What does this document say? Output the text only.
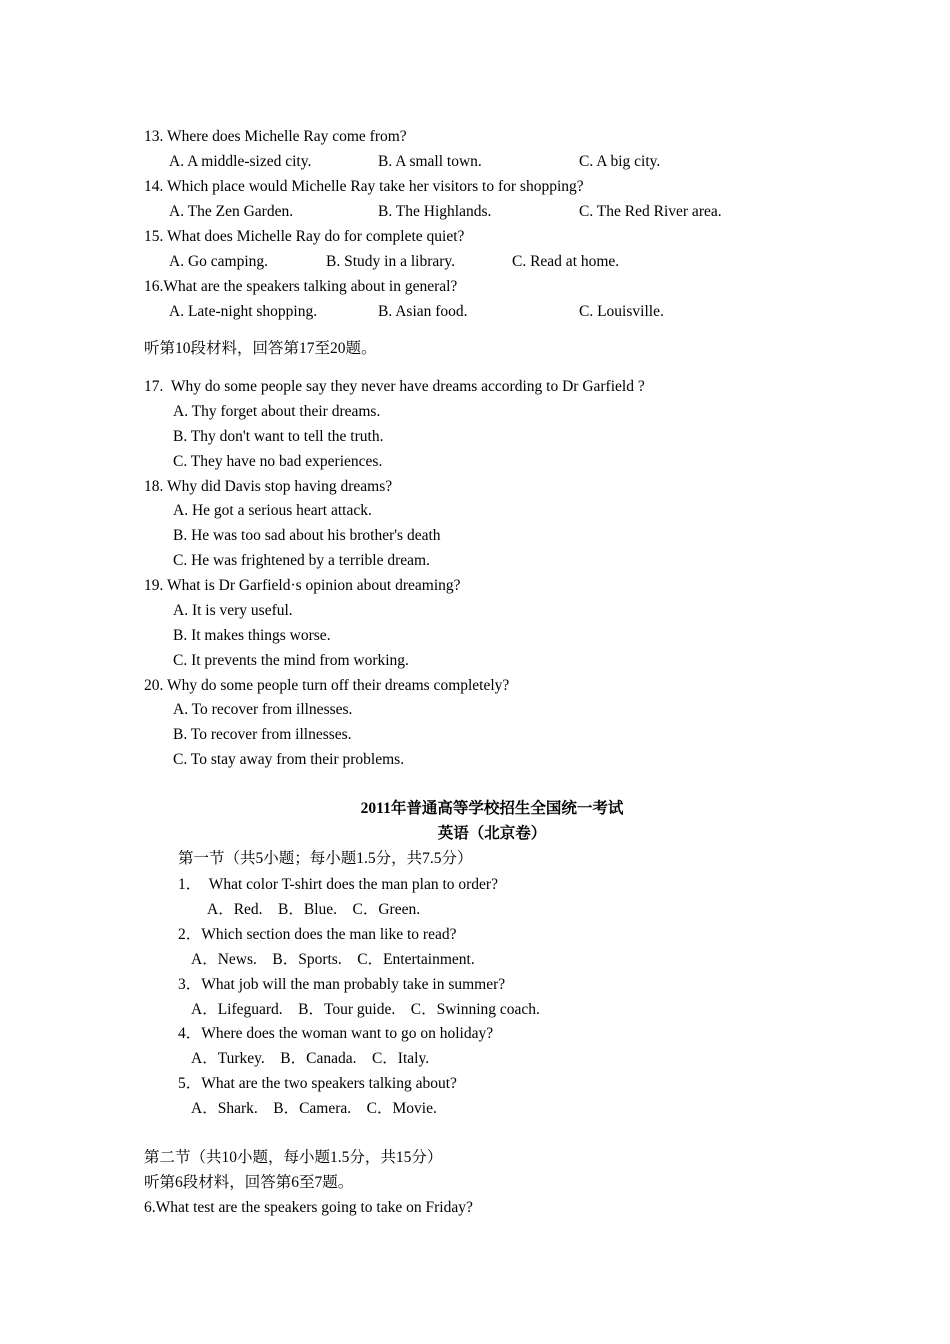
13. Where does Michelle Ray come from?
A. A middle-sized city.	B. A small town.	C. A big city.
14. Which place would Michelle Ray take her visitors to for shopping?
A. The Zen Garden.	B. The Highlands.	C. The Red River area.
15. What does Michelle Ray do for complete quiet?
A. Go camping.	B. Study in a library.	C. Read at home.
16.What are the speakers talking about in general?
A. Late-night shopping.	B. Asian food.	C. Louisville.
听第10段材料，回答第17至20题。
17.  Why do some people say they never have dreams according to Dr Garfield ?
A. Thy forget about their dreams.
B. Thy don't want to tell the truth.
C. They have no bad experiences.
18. Why did Davis stop having dreams?
A. He got a serious heart attack.
B. He was too sad about his brother's death
C. He was frightened by a terrible dream.
19. What is Dr Garfield·s opinion about dreaming?
A. It is very useful.
B. It makes things worse.
C. It prevents the mind from working.
20. Why do some people turn off their dreams completely?
A. To recover from illnesses.
B. To recover from illnesses.
C. To stay away from their problems.
2011年普通高等学校招生全国统一考试
英语（北京卷）
第一节（共5小题；每小题1.5分，共7.5分）
1．  What color T-shirt does the man plan to order?
A．Red.    B．Blue.    C．Green.
2．Which section does the man like to read?
A．News.    B．Sports.    C．Entertainment.
3．What job will the man probably take in summer?
A．Lifeguard.    B．Tour guide.    C．Swinning coach.
4．Where does the woman want to go on holiday?
A．Turkey.    B．Canada.    C．Italy.
5．What are the two speakers talking about?
A．Shark.    B．Camera.    C．Movie.
第二节（共10小题，每小题1.5分，共15分）
听第6段材料，回答第6至7题。
6.What test are the speakers going to take on Friday?
